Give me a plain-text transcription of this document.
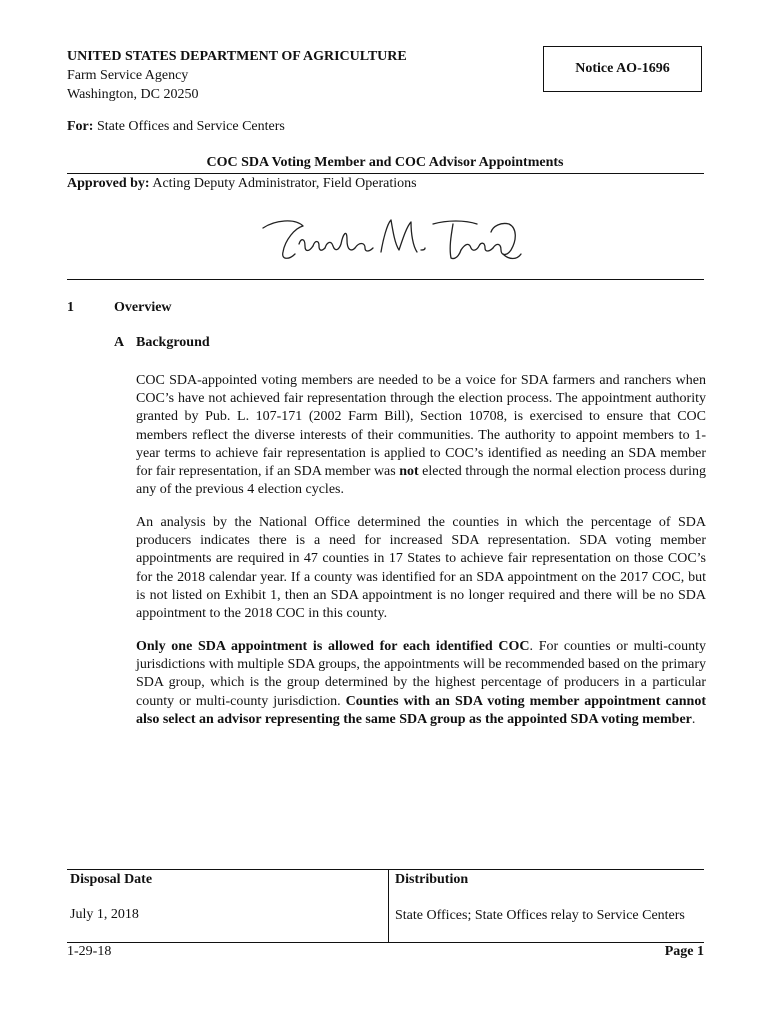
UNITED STATES DEPARTMENT OF AGRICULTURE
Farm Service Agency
Washington, DC 20250
Notice AO-1696
For: State Offices and Service Centers
COC SDA Voting Member and COC Advisor Appointments
Approved by: Acting Deputy Administrator, Field Operations
1	Overview
A Background
COC SDA-appointed voting members are needed to be a voice for SDA farmers and ranchers when COC’s have not achieved fair representation through the election process. The appointment authority granted by Pub. L. 107-171 (2002 Farm Bill), Section 10708, is exercised to ensure that COC members reflect the diverse interests of their communities. The authority to appoint members to 1-year terms to achieve fair representation is applied to COC’s identified as needing an SDA member for fair representation, if an SDA member was not elected through the normal election process during any of the previous 4 election cycles.
An analysis by the National Office determined the counties in which the percentage of SDA producers indicates there is a need for increased SDA representation. SDA voting member appointments are required in 47 counties in 17 States to achieve fair representation on those COC’s for the 2018 calendar year. If a county was identified for an SDA appointment on the 2017 COC, but is not listed on Exhibit 1, then an SDA appointment is no longer required and there will be no SDA appointment to the 2018 COC in this county.
Only one SDA appointment is allowed for each identified COC. For counties or multi-county jurisdictions with multiple SDA groups, the appointments will be recommended based on the primary SDA group, which is the group determined by the highest percentage of producers in a particular county or multi-county jurisdiction. Counties with an SDA voting member appointment cannot also select an advisor representing the same SDA group as the appointed SDA voting member.
Disposal Date
July 1, 2018
Distribution
State Offices; State Offices relay to Service Centers
1-29-18	Page 1
